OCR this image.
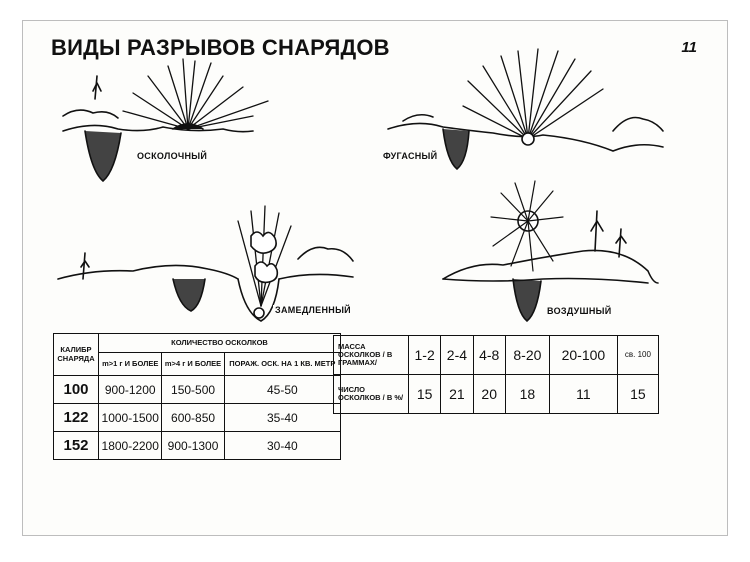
ВИДЫ РАЗРЫВОВ СНАРЯДОВ	11
ОСКОЛОЧНЫЙ	ФУГАСНЫЙ
ЗАМЕДЛЕННЫЙ	ВОЗДУШНЫЙ
КАЛИБР СНАРЯДА	КОЛИЧЕСТВО ОСКОЛКОВ		
	m>1 г И БОЛЕЕ	m>4 г И БОЛЕЕ	ПОРАЖ. ОСК. НА 1 КВ. МЕТР
100	900-1200	150-500	45-50
122	1000-1500	600-850	35-40
152	1800-2200	900-1300	30-40
МАССА ОСКОЛКОВ / В ГРАММАХ/	1-2	2-4	4-8	8-20	20-100	св. 100
ЧИСЛО ОСКОЛКОВ / В %/	15	21	20	18	11	15
